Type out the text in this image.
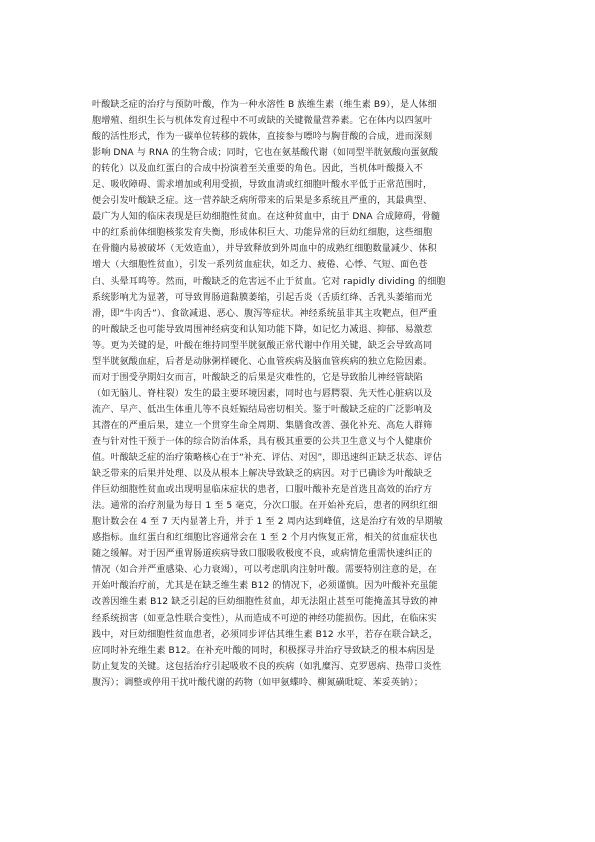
叶酸缺乏症的治疗与预防叶酸，作为一种水溶性 B 族维生素（维生素 B9），是人体细
胞增殖、组织生长与机体发育过程中不可或缺的关键微量营养素。它在体内以四氢叶
酸的活性形式，作为一碳单位转移的载体，直接参与嘌呤与胸苷酸的合成，进而深刻
影响 DNA 与 RNA 的生物合成；同时，它也在氨基酸代谢（如同型半胱氨酸向蛋氨酸
的转化）以及血红蛋白的合成中扮演着至关重要的角色。因此，当机体叶酸摄入不
足、吸收障碍、需求增加或利用受损，导致血清或红细胞叶酸水平低于正常范围时，
便会引发叶酸缺乏症。这一营养缺乏病所带来的后果是多系统且严重的，其最典型、
最广为人知的临床表现是巨幼细胞性贫血。在这种贫血中，由于 DNA 合成障碍，骨髓
中的红系前体细胞核浆发育失衡，形成体积巨大、功能异常的巨幼红细胞，这些细胞
在骨髓内易被破坏（无效造血），并导致释放到外周血中的成熟红细胞数量减少、体积
增大（大细胞性贫血），引发一系列贫血症状，如乏力、疲倦、心悸、气短、面色苍
白、头晕耳鸣等。然而，叶酸缺乏的危害远不止于贫血。它对 rapidly dividing 的细胞
系统影响尤为显著，可导致胃肠道黏膜萎缩，引起舌炎（舌质红绛、舌乳头萎缩而光
滑，即“牛肉舌”）、食欲减退、恶心、腹泻等症状。神经系统虽非其主攻靶点，但严重
的叶酸缺乏也可能导致周围神经病变和认知功能下降，如记忆力减退、抑郁、易激惹
等。更为关键的是，叶酸在维持同型半胱氨酸正常代谢中作用关键，缺乏会导致高同
型半胱氨酸血症，后者是动脉粥样硬化、心血管疾病及脑血管疾病的独立危险因素。
而对于围受孕期妇女而言，叶酸缺乏的后果是灾难性的，它是导致胎儿神经管缺陷
（如无脑儿、脊柱裂）发生的最主要环境因素，同时也与唇腭裂、先天性心脏病以及
流产、早产、低出生体重儿等不良妊娠结局密切相关。鉴于叶酸缺乏症的广泛影响及
其潜在的严重后果，建立一个贯穿生命全周期、集膳食改善、强化补充、高危人群筛
查与针对性干预于一体的综合防治体系，具有极其重要的公共卫生意义与个人健康价
值。叶酸缺乏症的治疗策略核心在于“补充、评估、对因”，即迅速纠正缺乏状态、评估
缺乏带来的后果并处理、以及从根本上解决导致缺乏的病因。对于已确诊为叶酸缺乏
伴巨幼细胞性贫血或出现明显临床症状的患者，口服叶酸补充是首选且高效的治疗方
法。通常的治疗剂量为每日 1 至 5 毫克，分次口服。在开始补充后，患者的网织红细
胞计数会在 4 至 7 天内显著上升，并于 1 至 2 周内达到峰值，这是治疗有效的早期敏
感指标。血红蛋白和红细胞比容通常会在 1 至 2 个月内恢复正常，相关的贫血症状也
随之缓解。对于因严重胃肠道疾病导致口服吸收极度不良，或病情危重需快速纠正的
情况（如合并严重感染、心力衰竭），可以考虑肌肉注射叶酸。需要特别注意的是，在
开始叶酸治疗前，尤其是在缺乏维生素 B12 的情况下，必须谨慎。因为叶酸补充虽能
改善因维生素 B12 缺乏引起的巨幼细胞性贫血，却无法阻止甚至可能掩盖其导致的神
经系统损害（如亚急性联合变性），从而造成不可逆的神经功能损伤。因此，在临床实
践中，对巨幼细胞性贫血患者，必须同步评估其维生素 B12 水平，若存在联合缺乏，
应同时补充维生素 B12。在补充叶酸的同时，积极探寻并治疗导致缺乏的根本病因是
防止复发的关键。这包括治疗引起吸收不良的疾病（如乳糜泻、克罗恩病、热带口炎性
腹泻）；调整或停用干扰叶酸代谢的药物（如甲氨蝶呤、柳氮磺吡啶、苯妥英钠）；
